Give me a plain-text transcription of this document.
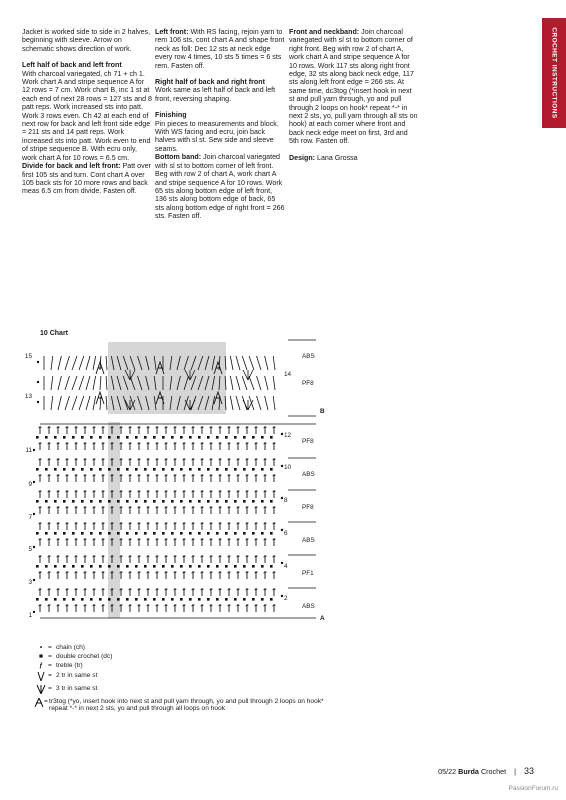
CROCHET INSTRUCTIONS

Jacket is worked side to side in 2 halves, beginning with sleeve. Arrow on schematic shows direction of work.

Left half of back and left front
With charcoal variegated, ch 71 + ch 1.
Work chart A and stripe sequence A for 12 rows = 7 cm. Work chart B, inc 1 st at each end of next 28 rows = 127 sts and 8 patt reps. Work increased sts into patt. Work 3 rows even. Ch 42 at each end of next row for back and left front side edge = 211 sts and 14 patt reps. Work increased sts into patt. Work even to end of stripe sequence B. With ecru only, work chart A for 10 rows = 6.5 cm.
Divide for back and left front: Patt over first 105 sts and turn. Cont chart A over 105 back sts for 10 more rows and back meas 6.5 cm from divide. Fasten off.

Left front: With RS facing, rejoin yarn to rem 106 sts, cont chart A and shape front neck as foll: Dec 12 sts at neck edge every row 4 times, 10 sts 5 times = 6 sts rem. Fasten off.

Right half of back and right front

Work same as left half of back and left front, reversing shaping.

Finishing
Pin pieces to measurements and block. With WS facing and ecru, join back halves with sl st. Sew side and sleeve seams.
Bottom band: Join charcoal variegated with sl st to bottom corner of left front. Beg with row 2 of chart A, work chart A and stripe sequence A for 10 rows. Work 65 sts along bottom edge of left front, 136 sts along bottom edge of back, 65 sts along bottom edge of right front = 266 sts. Fasten off.

Front and neckband: Join charcoal variegated with sl st to bottom corner of right front. Beg with row 2 of chart A, work chart A and stripe sequence A for 10 rows. Work 117 sts along right front edge, 32 sts along back neck edge, 117 sts along left front edge = 266 sts. At same time, dc3tog (*insert hook in next st and pull yarn through, yo and pull through 2 loops on hook* repeat *-* in next 2 sts, yo, pull yarn through all sts on hook) at each corner where front and back neck edge meet on first, 3rd and 5th row. Fasten off.

Design: Lana Grossa
10 Chart
15
13
11
9
7
5
3
1
14
12
10
8
6
4
2
ABS
PF8
PF8
ABS
PF8
ABS
PF1
ABS
B
A
• = chain (ch)
■ = double crochet (dc)
ƒ = treble (tr)
= 2 tr in same st
= 3 tr in same st
= tr3tog (*yo, insert hook into next st and pull yarn through, yo and pull through 2 loops on hook* repeat *-* in next 2 sts, yo and pull through all loops on hook
05/22 Burda Crochet | 33
PassionForum.ru
